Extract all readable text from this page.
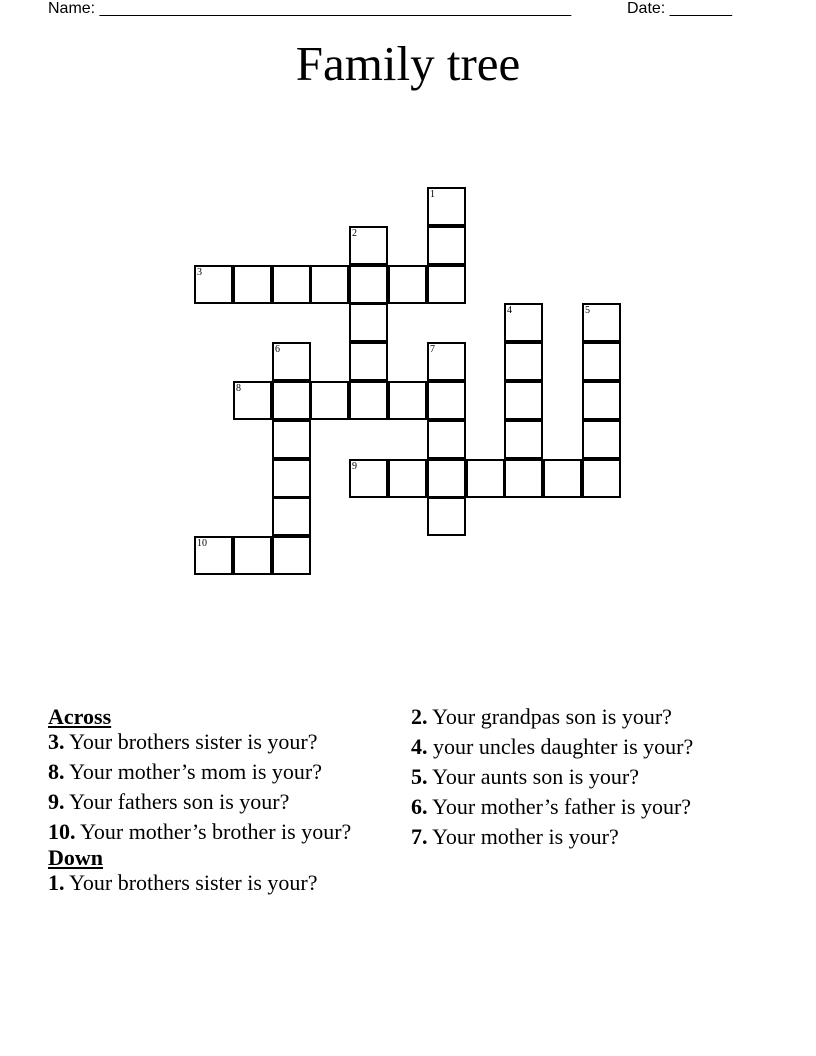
Name: _____________________________________________________	Date: _______
Family tree
1
2
3
4	5
6	7
8
9
10
Across
3. Your brothers sister is your?
8. Your mother’s mom is your?
9. Your fathers son is your?
10. Your mother’s brother is your?
Down
1. Your brothers sister is your?
2. Your grandpas son is your?
4. your uncles daughter is your?
5. Your aunts son is your?
6. Your mother’s father is your?
7. Your mother is your?
